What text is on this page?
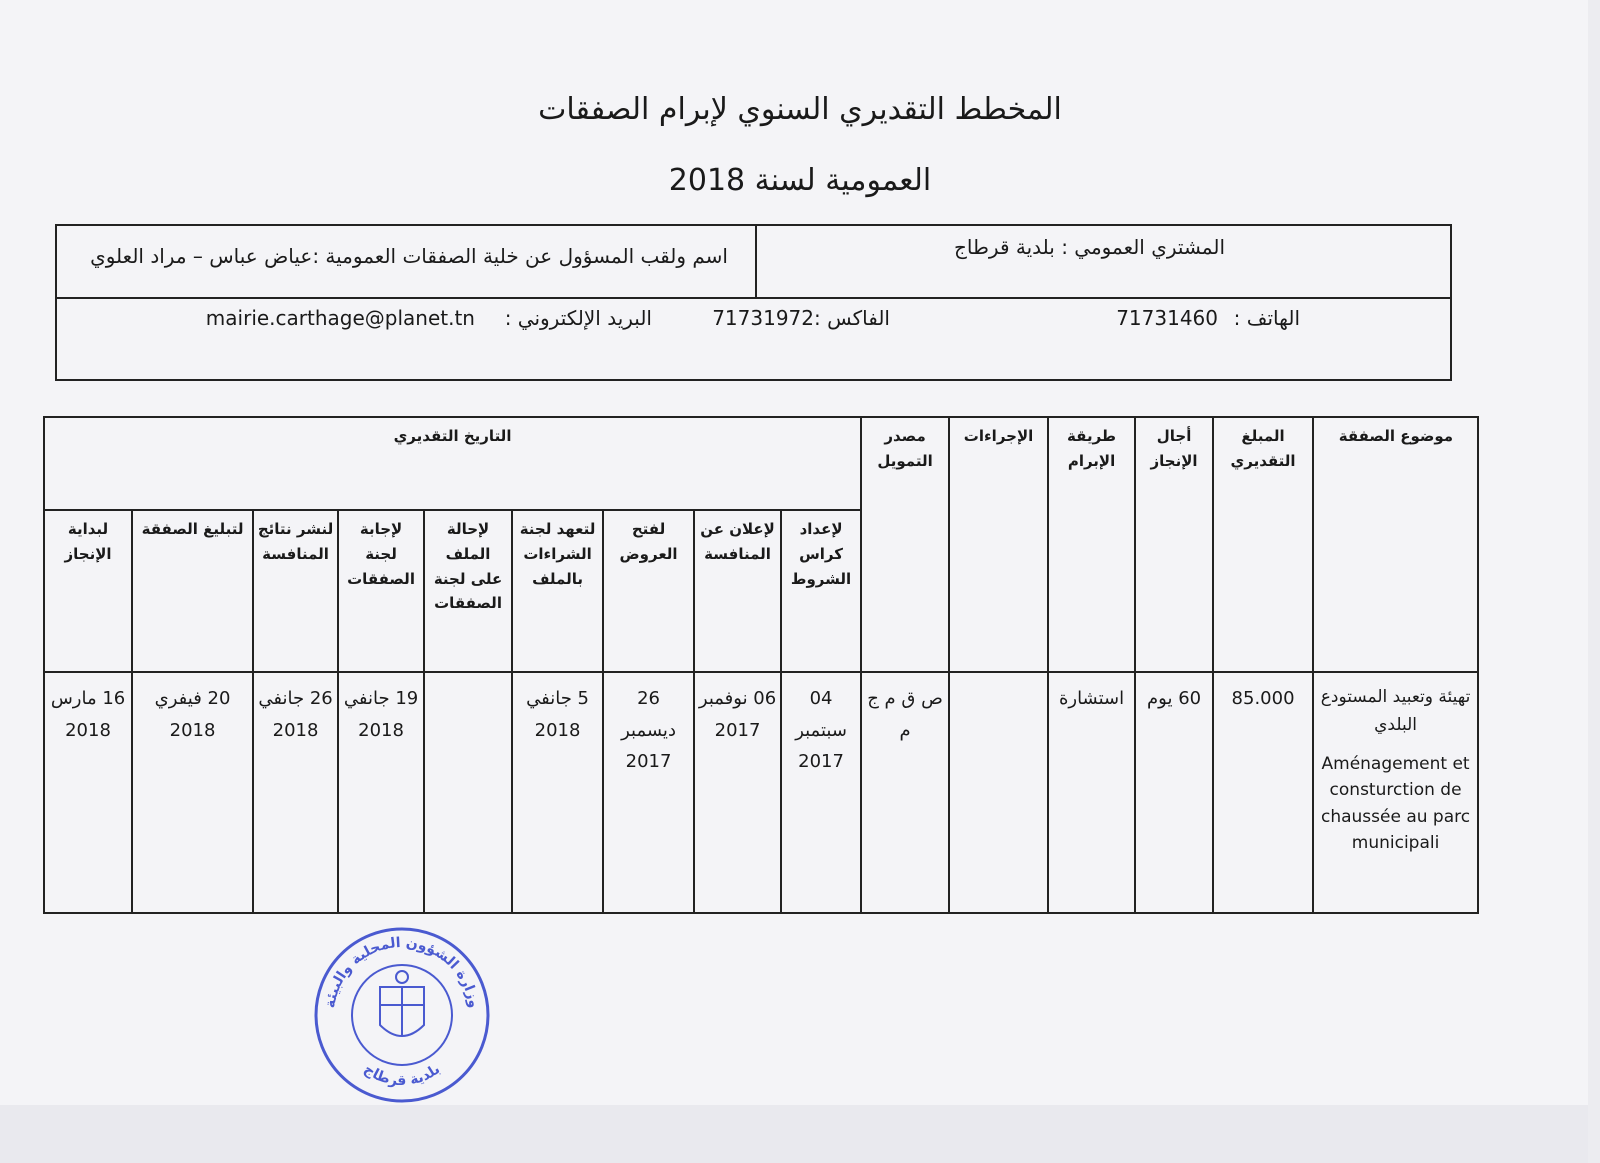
المخطط التقديري السنوي لإبرام الصفقات
العمومية لسنة 2018
المشتري العمومي : بلدية قرطاج
اسم ولقب المسؤول عن خلية الصفقات العمومية :عياض عباس – مراد العلوي
الهاتف :
71731460
الفاكس :
71731972
البريد الإلكتروني :
mairie.carthage@planet.tn
موضوع الصفقة	المبلغ التقديري	أجال الإنجاز	طريقة الإبرام	الإجراءات	مصدر التمويل	التاريخ التقديري								
						لإعداد كراس الشروط	لإعلان عن المنافسة	لفتح العروض	لتعهد لجنة الشراءات بالملف	لإحالة الملف على لجنة الصفقات	لإجابة لجنة الصفقات	لنشر نتائج المنافسة	لتبليغ الصفقة	لبداية الإنجاز
تهيئة وتعبيد المستودع البلدي
Aménagement et consturction de chaussée au parc municipali	85.000	60 يوم	استشارة		ص ق م ج م	04 سبتمبر 2017	06 نوفمبر 2017	26 ديسمبر 2017	5 جانفي 2018		19 جانفي 2018	26 جانفي 2018	20 فيفري 2018	16 مارس 2018
وزارة الشؤون المحلية والبيئة
بلدية قرطاج
